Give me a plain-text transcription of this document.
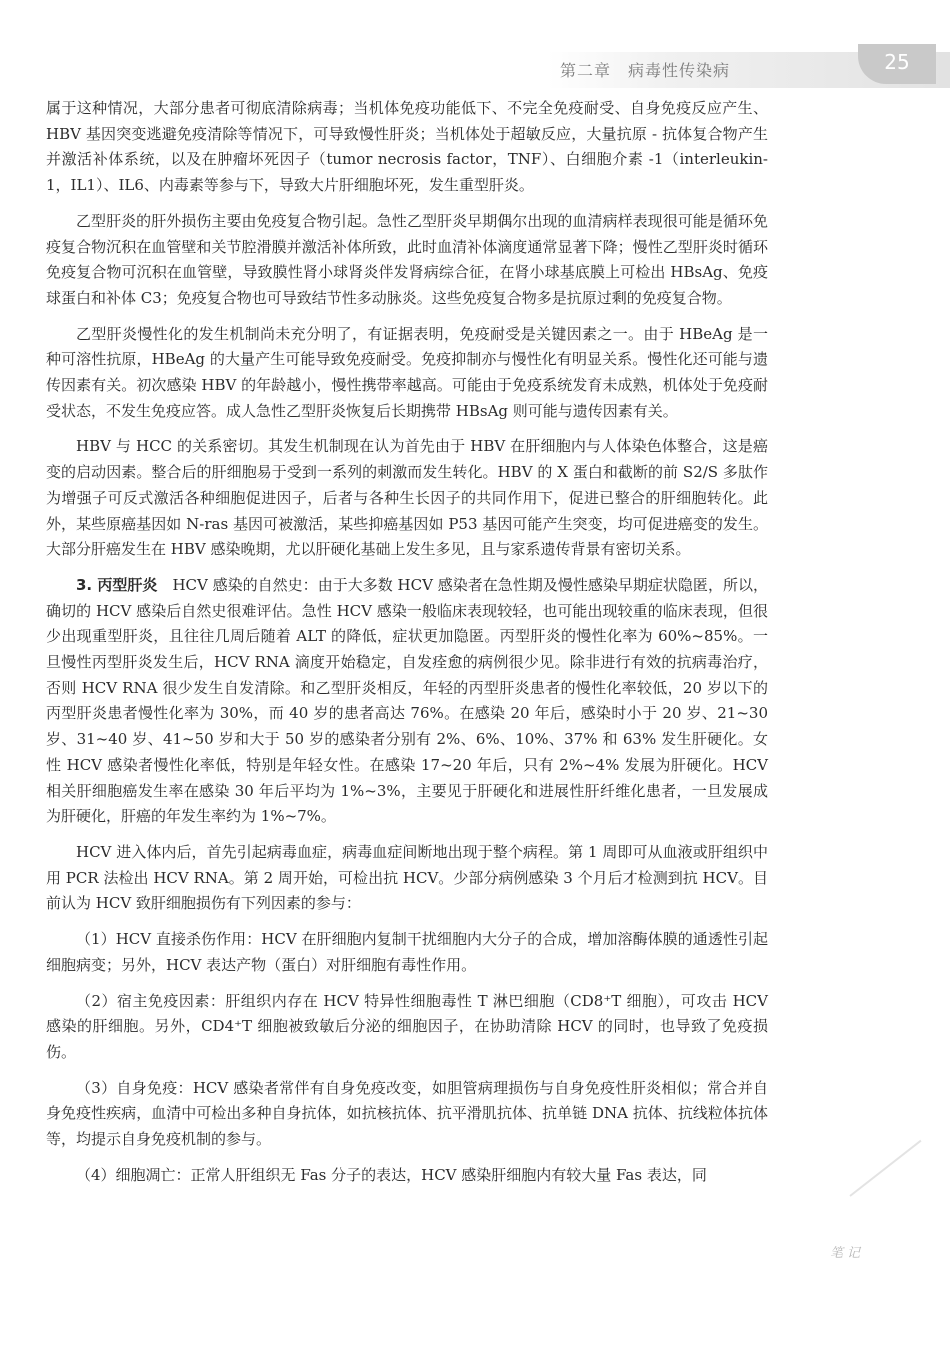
第二章　病毒性传染病	25

属于这种情况，大部分患者可彻底清除病毒；当机体免疫功能低下、不完全免疫耐受、自身免疫反应产生、HBV 基因突变逃避免疫清除等情况下，可导致慢性肝炎；当机体处于超敏反应，大量抗原 - 抗体复合物产生并激活补体系统，以及在肿瘤坏死因子（tumor necrosis factor，TNF）、白细胞介素 -1（interleukin-1，IL1）、IL6、内毒素等参与下，导致大片肝细胞坏死，发生重型肝炎。

乙型肝炎的肝外损伤主要由免疫复合物引起。急性乙型肝炎早期偶尔出现的血清病样表现很可能是循环免疫复合物沉积在血管壁和关节腔滑膜并激活补体所致，此时血清补体滴度通常显著下降；慢性乙型肝炎时循环免疫复合物可沉积在血管壁，导致膜性肾小球肾炎伴发肾病综合征，在肾小球基底膜上可检出 HBsAg、免疫球蛋白和补体 C3；免疫复合物也可导致结节性多动脉炎。这些免疫复合物多是抗原过剩的免疫复合物。

乙型肝炎慢性化的发生机制尚未充分明了，有证据表明，免疫耐受是关键因素之一。由于 HBeAg 是一种可溶性抗原，HBeAg 的大量产生可能导致免疫耐受。免疫抑制亦与慢性化有明显关系。慢性化还可能与遗传因素有关。初次感染 HBV 的年龄越小，慢性携带率越高。可能由于免疫系统发育未成熟，机体处于免疫耐受状态，不发生免疫应答。成人急性乙型肝炎恢复后长期携带 HBsAg 则可能与遗传因素有关。

HBV 与 HCC 的关系密切。其发生机制现在认为首先由于 HBV 在肝细胞内与人体染色体整合，这是癌变的启动因素。整合后的肝细胞易于受到一系列的刺激而发生转化。HBV 的 X 蛋白和截断的前 S2/S 多肽作为增强子可反式激活各种细胞促进因子，后者与各种生长因子的共同作用下，促进已整合的肝细胞转化。此外，某些原癌基因如 N-ras 基因可被激活，某些抑癌基因如 P53 基因可能产生突变，均可促进癌变的发生。大部分肝癌发生在 HBV 感染晚期，尤以肝硬化基础上发生多见，且与家系遗传背景有密切关系。

3. 丙型肝炎　 HCV 感染的自然史：由于大多数 HCV 感染者在急性期及慢性感染早期症状隐匿，所以，确切的 HCV 感染后自然史很难评估。急性 HCV 感染一般临床表现较轻，也可能出现较重的临床表现，但很少出现重型肝炎，且往往几周后随着 ALT 的降低，症状更加隐匿。丙型肝炎的慢性化率为 60%~85%。一旦慢性丙型肝炎发生后，HCV RNA 滴度开始稳定，自发痊愈的病例很少见。除非进行有效的抗病毒治疗，否则 HCV RNA 很少发生自发清除。和乙型肝炎相反，年轻的丙型肝炎患者的慢性化率较低，20 岁以下的丙型肝炎患者慢性化率为 30%，而 40 岁的患者高达 76%。在感染 20 年后，感染时小于 20 岁、21~30 岁、31~40 岁、41~50 岁和大于 50 岁的感染者分别有 2%、6%、10%、37% 和 63% 发生肝硬化。女性 HCV 感染者慢性化率低，特别是年轻女性。在感染 17~20 年后，只有 2%~4% 发展为肝硬化。HCV 相关肝细胞癌发生率在感染 30 年后平均为 1%~3%，主要见于肝硬化和进展性肝纤维化患者，一旦发展成为肝硬化，肝癌的年发生率约为 1%~7%。

HCV 进入体内后，首先引起病毒血症，病毒血症间断地出现于整个病程。第 1 周即可从血液或肝组织中用 PCR 法检出 HCV RNA。第 2 周开始，可检出抗 HCV。少部分病例感染 3 个月后才检测到抗 HCV。目前认为 HCV 致肝细胞损伤有下列因素的参与：

（1）HCV 直接杀伤作用：HCV 在肝细胞内复制干扰细胞内大分子的合成，增加溶酶体膜的通透性引起细胞病变；另外，HCV 表达产物（蛋白）对肝细胞有毒性作用。

（2）宿主免疫因素：肝组织内存在 HCV 特异性细胞毒性 T 淋巴细胞（CD8⁺T 细胞），可攻击 HCV 感染的肝细胞。另外，CD4⁺T 细胞被致敏后分泌的细胞因子，在协助清除 HCV 的同时，也导致了免疫损伤。

（3）自身免疫：HCV 感染者常伴有自身免疫改变，如胆管病理损伤与自身免疫性肝炎相似；常合并自身免疫性疾病，血清中可检出多种自身抗体，如抗核抗体、抗平滑肌抗体、抗单链 DNA 抗体、抗线粒体抗体等，均提示自身免疫机制的参与。

（4）细胞凋亡：正常人肝组织无 Fas 分子的表达，HCV 感染肝细胞内有较大量 Fas 表达，同

笔记
